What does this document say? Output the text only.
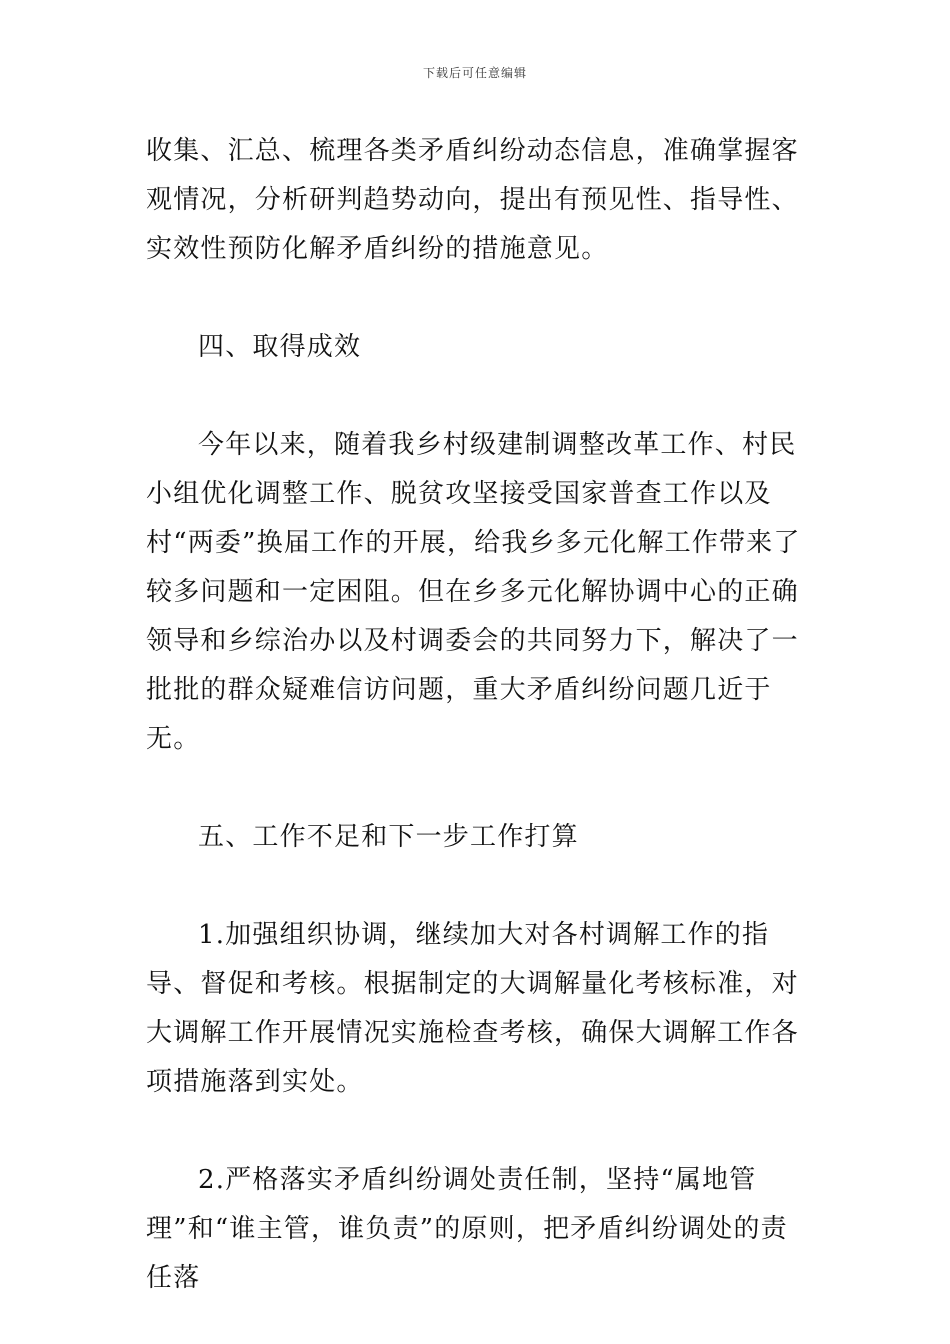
下载后可任意编辑

收集、汇总、梳理各类矛盾纠纷动态信息，准确掌握客观情况，分析研判趋势动向，提出有预见性、指导性、实效性预防化解矛盾纠纷的措施意见。

四、取得成效

今年以来，随着我乡村级建制调整改革工作、村民小组优化调整工作、脱贫攻坚接受国家普查工作以及村“两委”换届工作的开展，给我乡多元化解工作带来了较多问题和一定困阻。但在乡多元化解协调中心的正确领导和乡综治办以及村调委会的共同努力下，解决了一批批的群众疑难信访问题，重大矛盾纠纷问题几近于无。

五、工作不足和下一步工作打算

1.加强组织协调，继续加大对各村调解工作的指导、督促和考核。根据制定的大调解量化考核标准，对大调解工作开展情况实施检查考核，确保大调解工作各项措施落到实处。

2.严格落实矛盾纠纷调处责任制，坚持“属地管理”和“谁主管，谁负责”的原则，把矛盾纠纷调处的责任落
